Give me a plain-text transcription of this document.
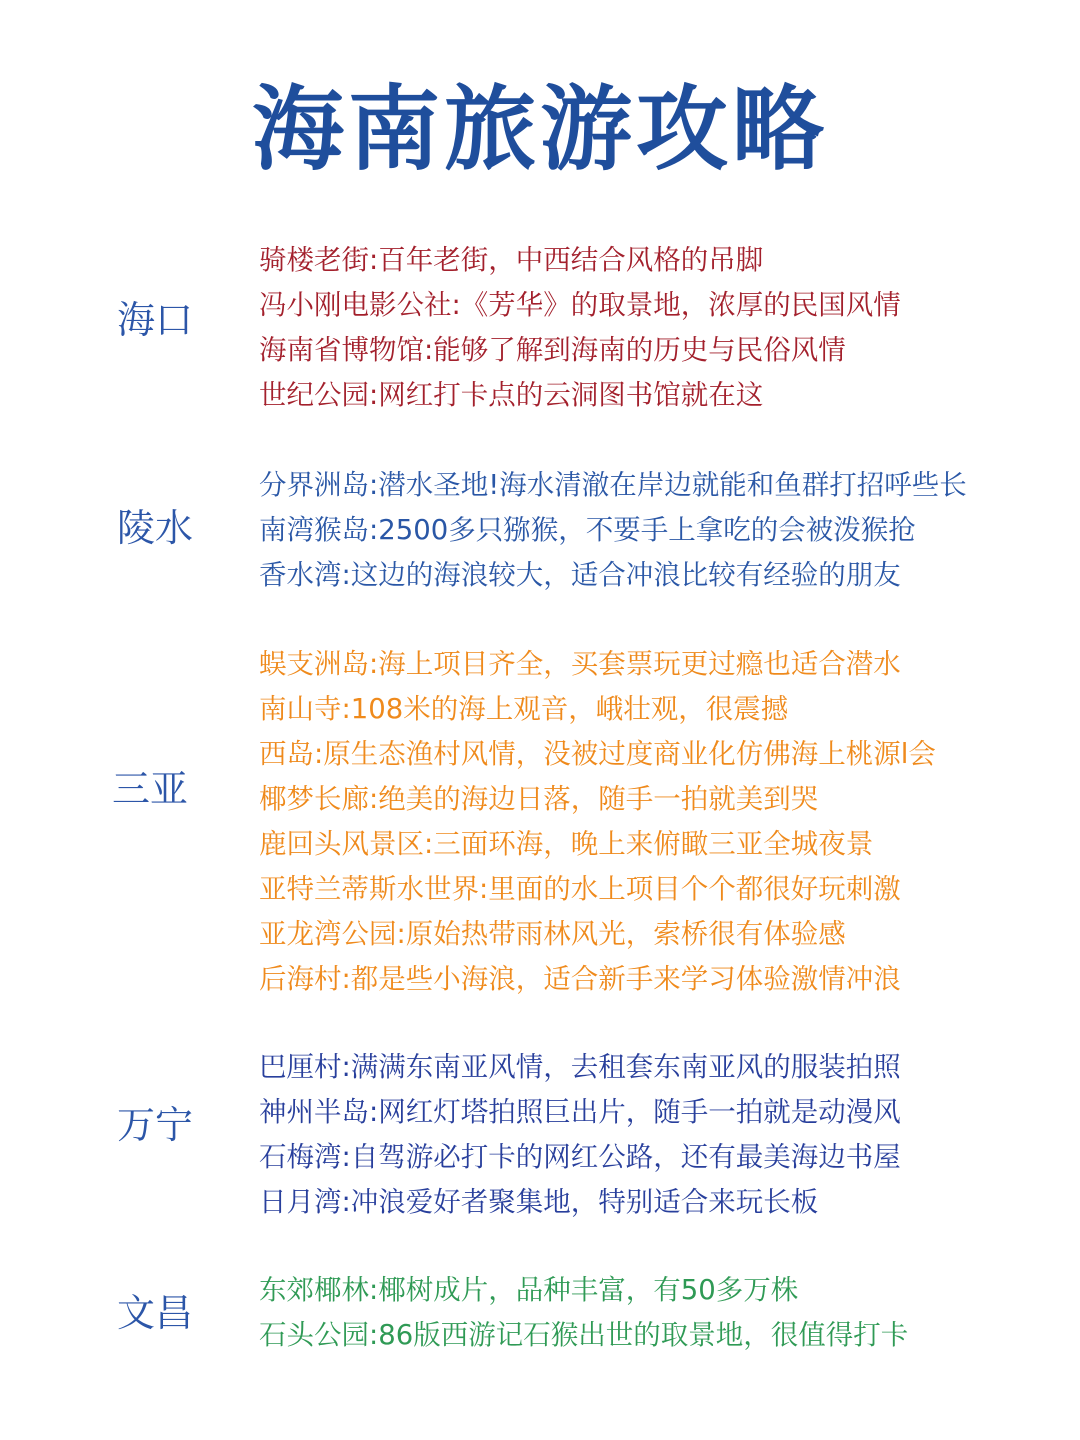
海南旅游攻略
海口
骑楼老街:百年老街，中西结合风格的吊脚
冯小刚电影公社:《芳华》的取景地，浓厚的民国风情
海南省博物馆:能够了解到海南的历史与民俗风情
世纪公园:网红打卡点的云洞图书馆就在这
陵水
分界洲岛:潜水圣地!海水清澈在岸边就能和鱼群打招呼些长
南湾猴岛:2500多只猕猴，不要手上拿吃的会被泼猴抢
香水湾:这边的海浪较大，适合冲浪比较有经验的朋友
三亚
蜈支洲岛:海上项目齐全，买套票玩更过瘾也适合潜水
南山寺:108米的海上观音，峨壮观，很震撼
西岛:原生态渔村风情，没被过度商业化仿佛海上桃源l会
椰梦长廊:绝美的海边日落，随手一拍就美到哭
鹿回头风景区:三面环海，晚上来俯瞰三亚全城夜景
亚特兰蒂斯水世界:里面的水上项目个个都很好玩刺激
亚龙湾公园:原始热带雨林风光，索桥很有体验感
后海村:都是些小海浪，适合新手来学习体验激情冲浪
万宁
巴厘村:满满东南亚风情，去租套东南亚风的服装拍照
神州半岛:网红灯塔拍照巨出片，随手一拍就是动漫风
石梅湾:自驾游必打卡的网红公路，还有最美海边书屋
日月湾:冲浪爱好者聚集地，特别适合来玩长板
文昌
东郊椰林:椰树成片，品种丰富，有50多万株
石头公园:86版西游记石猴出世的取景地，很值得打卡
